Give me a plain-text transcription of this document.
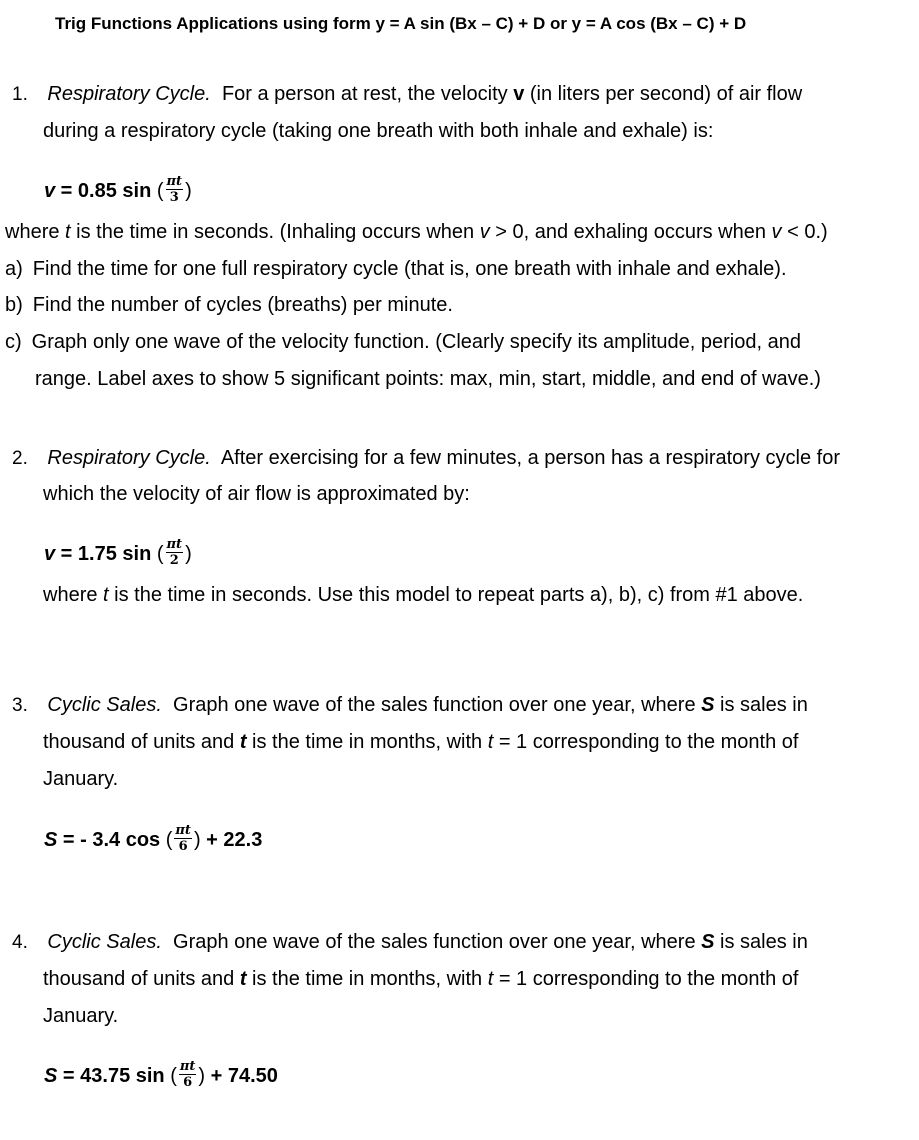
Trig Functions Applications using form y = A sin (Bx – C) + D or y = A cos (Bx – C) + D
1. Respiratory Cycle. For a person at rest, the velocity v (in liters per second) of air flow
during a respiratory cycle (taking one breath with both inhale and exhale) is:
v = 0.85 sin ( $\frac{\pi t}{3}$ )
where t is the time in seconds. (Inhaling occurs when v > 0, and exhaling occurs when v < 0.)
a) Find the time for one full respiratory cycle (that is, one breath with inhale and exhale).
b) Find the number of cycles (breaths) per minute.
c) Graph only one wave of the velocity function. (Clearly specify its amplitude, period, and
range. Label axes to show 5 significant points: max, min, start, middle, and end of wave.)
2. Respiratory Cycle. After exercising for a few minutes, a person has a respiratory cycle for
which the velocity of air flow is approximated by:
v = 1.75 sin ( $\frac{\pi t}{2}$ )
where t is the time in seconds. Use this model to repeat parts a), b), c) from #1 above.
3. Cyclic Sales. Graph one wave of the sales function over one year, where S is sales in
thousand of units and t is the time in months, with t = 1 corresponding to the month of
January.
S = - 3.4 cos ( $\frac{\pi t}{6}$ ) + 22.3
4. Cyclic Sales. Graph one wave of the sales function over one year, where S is sales in
thousand of units and t is the time in months, with t = 1 corresponding to the month of
January.
S = 43.75 sin ( $\frac{\pi t}{6}$ ) + 74.50
